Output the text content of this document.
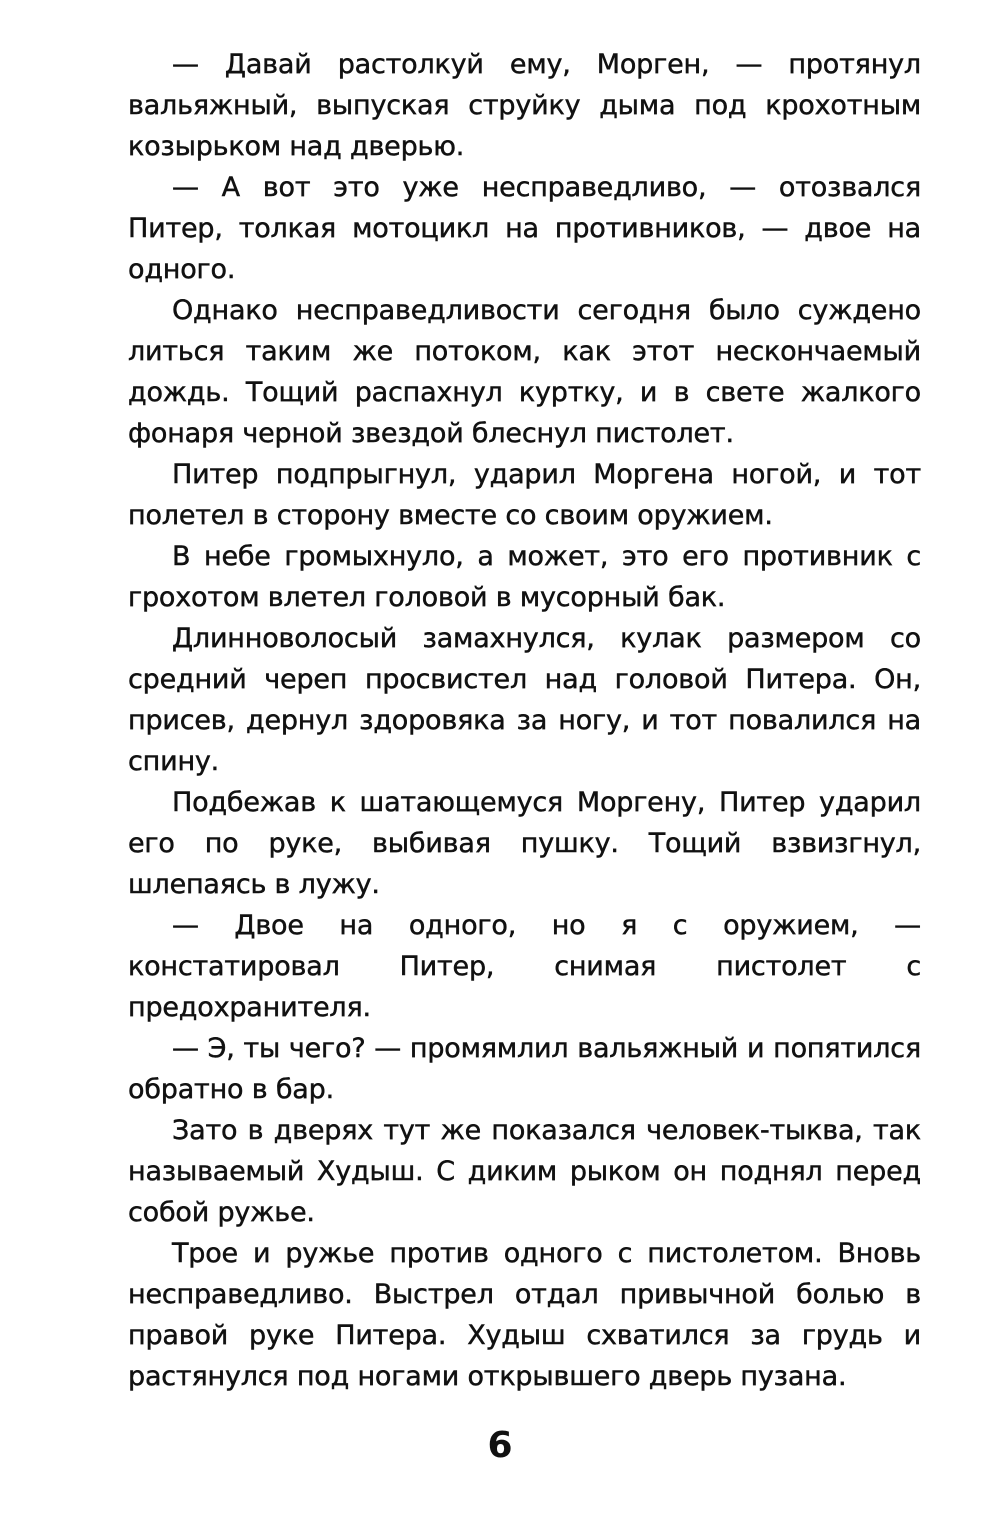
— Давай растолкуй ему, Морген, — протянул вальяжный, выпуская струйку дыма под крохотным козырьком над дверью.

— А вот это уже несправедливо, — отозвался Питер, толкая мотоцикл на противников, — двое на одного.

Однако несправедливости сегодня было суждено литься таким же потоком, как этот нескончаемый дождь. Тощий распахнул куртку, и в свете жалкого фонаря черной звездой блеснул пистолет.

Питер подпрыгнул, ударил Моргена ногой, и тот полетел в сторону вместе со своим оружием.

В небе громыхнуло, а может, это его противник с грохотом влетел головой в мусорный бак.

Длинноволосый замахнулся, кулак размером со средний череп просвистел над головой Питера. Он, присев, дернул здоровяка за ногу, и тот повалился на спину.

Подбежав к шатающемуся Моргену, Питер ударил его по руке, выбивая пушку. Тощий взвизгнул, шлепаясь в лужу.

— Двое на одного, но я с оружием, — констатировал Питер, снимая пистолет с предохранителя.

— Э, ты чего? — промямлил вальяжный и попятился обратно в бар.

Зато в дверях тут же показался человек-тыква, так называемый Худыш. С диким рыком он поднял перед собой ружье.

Трое и ружье против одного с пистолетом. Вновь несправедливо. Выстрел отдал привычной болью в правой руке Питера. Худыш схватился за грудь и растянулся под ногами открывшего дверь пузана.

6
